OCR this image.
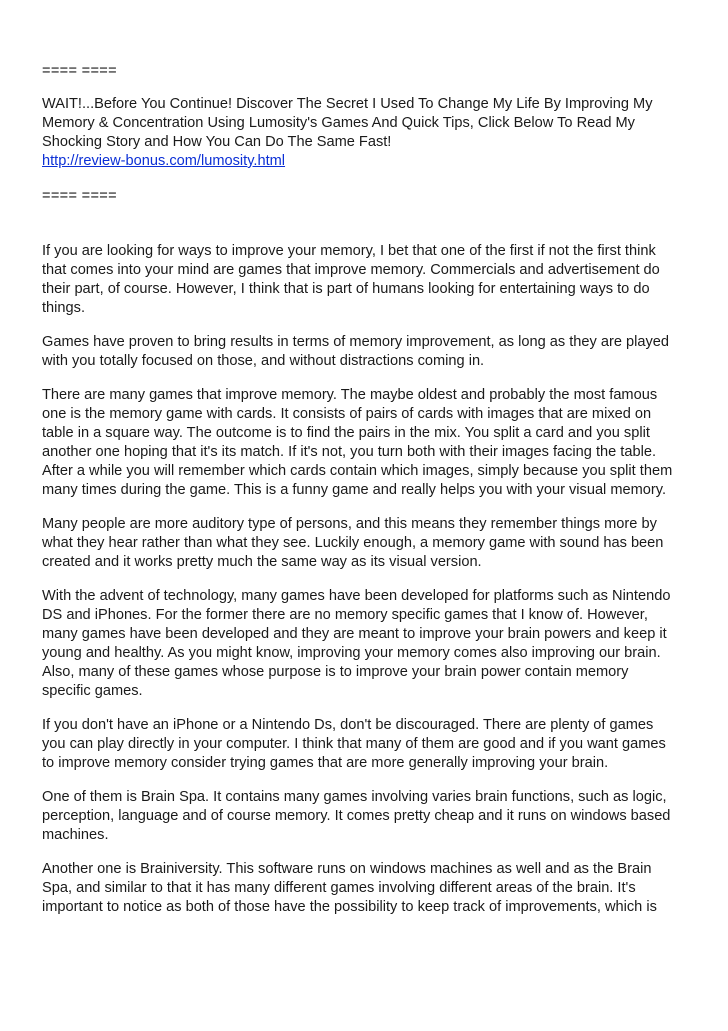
==== ====

WAIT!...Before You Continue! Discover The Secret I Used To Change My Life By Improving My
Memory & Concentration Using Lumosity's Games And Quick Tips, Click Below To Read My
Shocking Story and How You Can Do The Same Fast!

http://review-bonus.com/lumosity.html

==== ====

If you are looking for ways to improve your memory, I bet that one of the first if not the first think
that comes into your mind are games that improve memory. Commercials and advertisement do
their part, of course. However, I think that is part of humans looking for entertaining ways to do
things.

Games have proven to bring results in terms of memory improvement, as long as they are played
with you totally focused on those, and without distractions coming in.

There are many games that improve memory. The maybe oldest and probably the most famous
one is the memory game with cards. It consists of pairs of cards with images that are mixed on
table in a square way. The outcome is to find the pairs in the mix. You split a card and you split
another one hoping that it's its match. If it's not, you turn both with their images facing the table.
After a while you will remember which cards contain which images, simply because you split them
many times during the game. This is a funny game and really helps you with your visual memory.

Many people are more auditory type of persons, and this means they remember things more by
what they hear rather than what they see. Luckily enough, a memory game with sound has been
created and it works pretty much the same way as its visual version.

With the advent of technology, many games have been developed for platforms such as Nintendo
DS and iPhones. For the former there are no memory specific games that I know of. However,
many games have been developed and they are meant to improve your brain powers and keep it
young and healthy. As you might know, improving your memory comes also improving our brain.
Also, many of these games whose purpose is to improve your brain power contain memory
specific games.

If you don't have an iPhone or a Nintendo Ds, don't be discouraged. There are plenty of games
you can play directly in your computer. I think that many of them are good and if you want games
to improve memory consider trying games that are more generally improving your brain.

One of them is Brain Spa. It contains many games involving varies brain functions, such as logic,
perception, language and of course memory. It comes pretty cheap and it runs on windows based
machines.

Another one is Brainiversity. This software runs on windows machines as well and as the Brain
Spa, and similar to that it has many different games involving different areas of the brain. It's
important to notice as both of those have the possibility to keep track of improvements, which is
